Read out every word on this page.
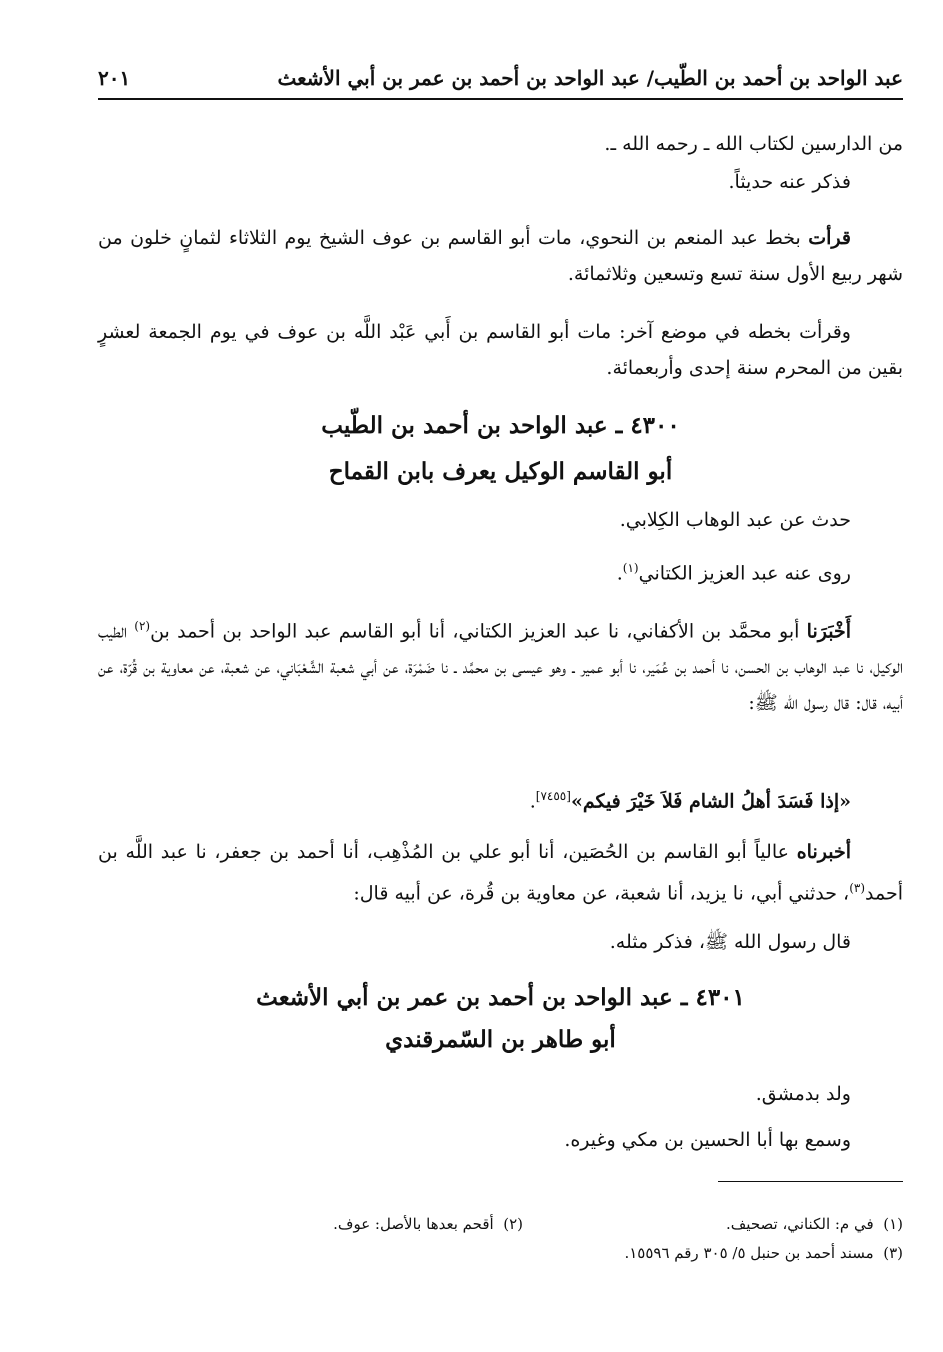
عبد الواحد بن أحمد بن الطّيب/ عبد الواحد بن أحمد بن عمر بن أبي الأشعث
٢٠١
من الدارسين لكتاب الله ـ رحمه الله ـ.
فذكر عنه حديثاً.
قرأت بخط عبد المنعم بن النحوي، مات أبو القاسم بن عوف الشيخ يوم الثلاثاء لثمانٍ خلون من شهر ربيع الأول سنة تسع وتسعين وثلاثمائة.
وقرأت بخطه في موضع آخر: مات أبو القاسم بن أَبي عَبْد اللَّه بن عوف في يوم الجمعة لعشرٍ بقين من المحرم سنة إحدى وأربعمائة.
٤٣٠٠ ـ عبد الواحد بن أحمد بن الطّيب
أبو القاسم الوكيل يعرف بابن القماح
حدث عن عبد الوهاب الكِلابي.
روى عنه عبد العزيز الكتاني$^{(١)}$.
أَخْبَرَنا أبو محمَّد بن الأكفاني، نا عبد العزيز الكتاني، أنا أبو القاسم عبد الواحد بن أحمد بن$^{(٢)}$ الطيب الوكيل، نا عبد الوهاب بن الحسن، نا أحمد بن عُمَير، نا أبو عمير ـ وهو عيسى بن محمَّد ـ نا ضَمْرَة، عن أبي شعبة الشَّعْبَاني، عن شعبة، عن معاوية بن قُرّة، عن أبيه، قال: قال رسول الله ﷺ:
«إذا فَسَدَ أهلُ الشام فَلاَ خَيْرَ فيكم»[٧٤٥٥].
أخبرناه عالياً أبو القاسم بن الحُصَين، أنا أبو علي بن المُذْهِب، أنا أحمد بن جعفر، نا عبد اللَّه بن أحمد$^{(٣)}$، حدثني أبي، نا يزيد، أنا شعبة، عن معاوية بن قُرة، عن أبيه قال:
قال رسول الله ﷺ، فذكر مثله.
٤٣٠١ ـ عبد الواحد بن أحمد بن عمر بن أبي الأشعث
أبو طاهر بن السّمرقندي
ولد بدمشق.
وسمع بها أبا الحسين بن مكي وغيره.
(١)  في م: الكناني، تصحيف.
(٢)  أقحم بعدها بالأصل: عوف.
(٣)  مسند أحمد بن حنبل ٥/ ٣٠٥ رقم ١٥٥٩٦.
